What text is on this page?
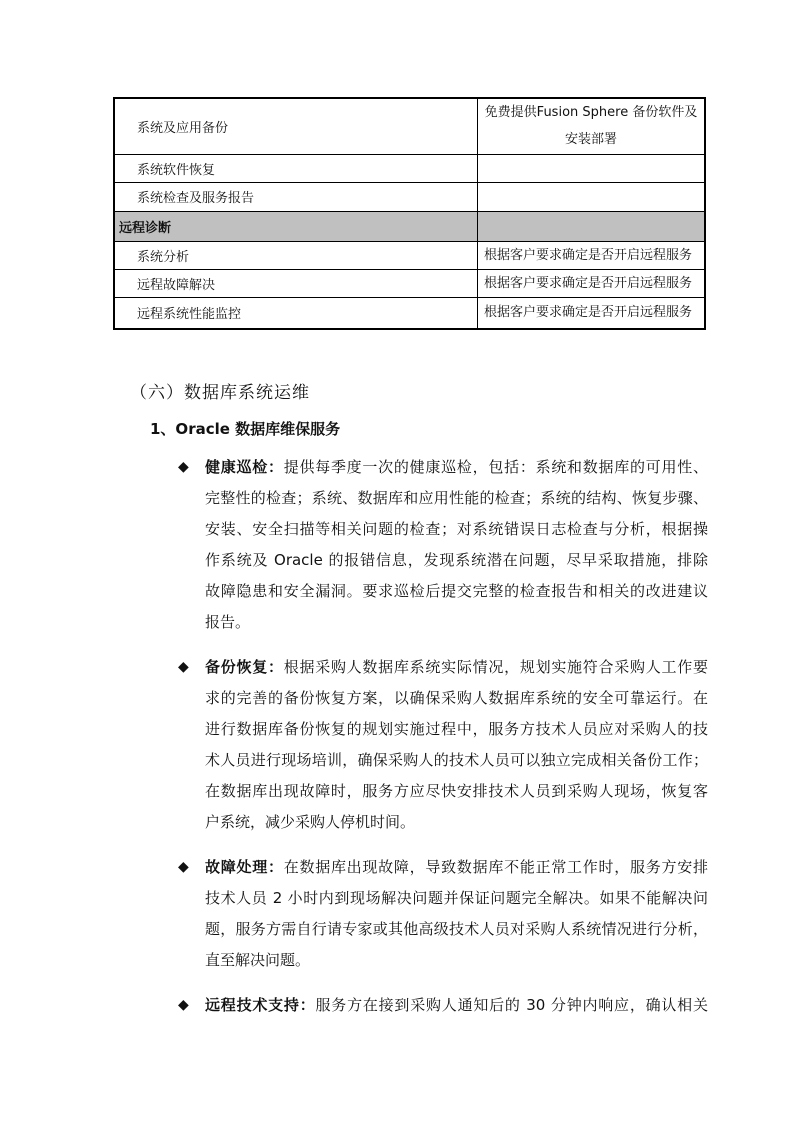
系统及应用备份	免费提供Fusion Sphere 备份软件及
安装部署
系统软件恢复	
系统检查及服务报告	
远程诊断	
系统分析	根据客户要求确定是否开启远程服务
远程故障解决	根据客户要求确定是否开启远程服务
远程系统性能监控	根据客户要求确定是否开启远程服务
（六）数据库系统运维
1、Oracle 数据库维保服务
◆ 健康巡检：提供每季度一次的健康巡检，包括：系统和数据库的可用性、
完整性的检查；系统、数据库和应用性能的检查；系统的结构、恢复步骤、
安装、安全扫描等相关问题的检查；对系统错误日志检查与分析，根据操
作系统及 Oracle 的报错信息，发现系统潜在问题，尽早采取措施，排除
故障隐患和安全漏洞。要求巡检后提交完整的检查报告和相关的改进建议
报告。
◆ 备份恢复：根据采购人数据库系统实际情况，规划实施符合采购人工作要
求的完善的备份恢复方案，以确保采购人数据库系统的安全可靠运行。在
进行数据库备份恢复的规划实施过程中，服务方技术人员应对采购人的技
术人员进行现场培训，确保采购人的技术人员可以独立完成相关备份工作；
在数据库出现故障时，服务方应尽快安排技术人员到采购人现场，恢复客
户系统，减少采购人停机时间。
◆ 故障处理：在数据库出现故障，导致数据库不能正常工作时，服务方安排
技术人员 2 小时内到现场解决问题并保证问题完全解决。如果不能解决问
题，服务方需自行请专家或其他高级技术人员对采购人系统情况进行分析，
直至解决问题。
◆ 远程技术支持：服务方在接到采购人通知后的 30 分钟内响应，确认相关
